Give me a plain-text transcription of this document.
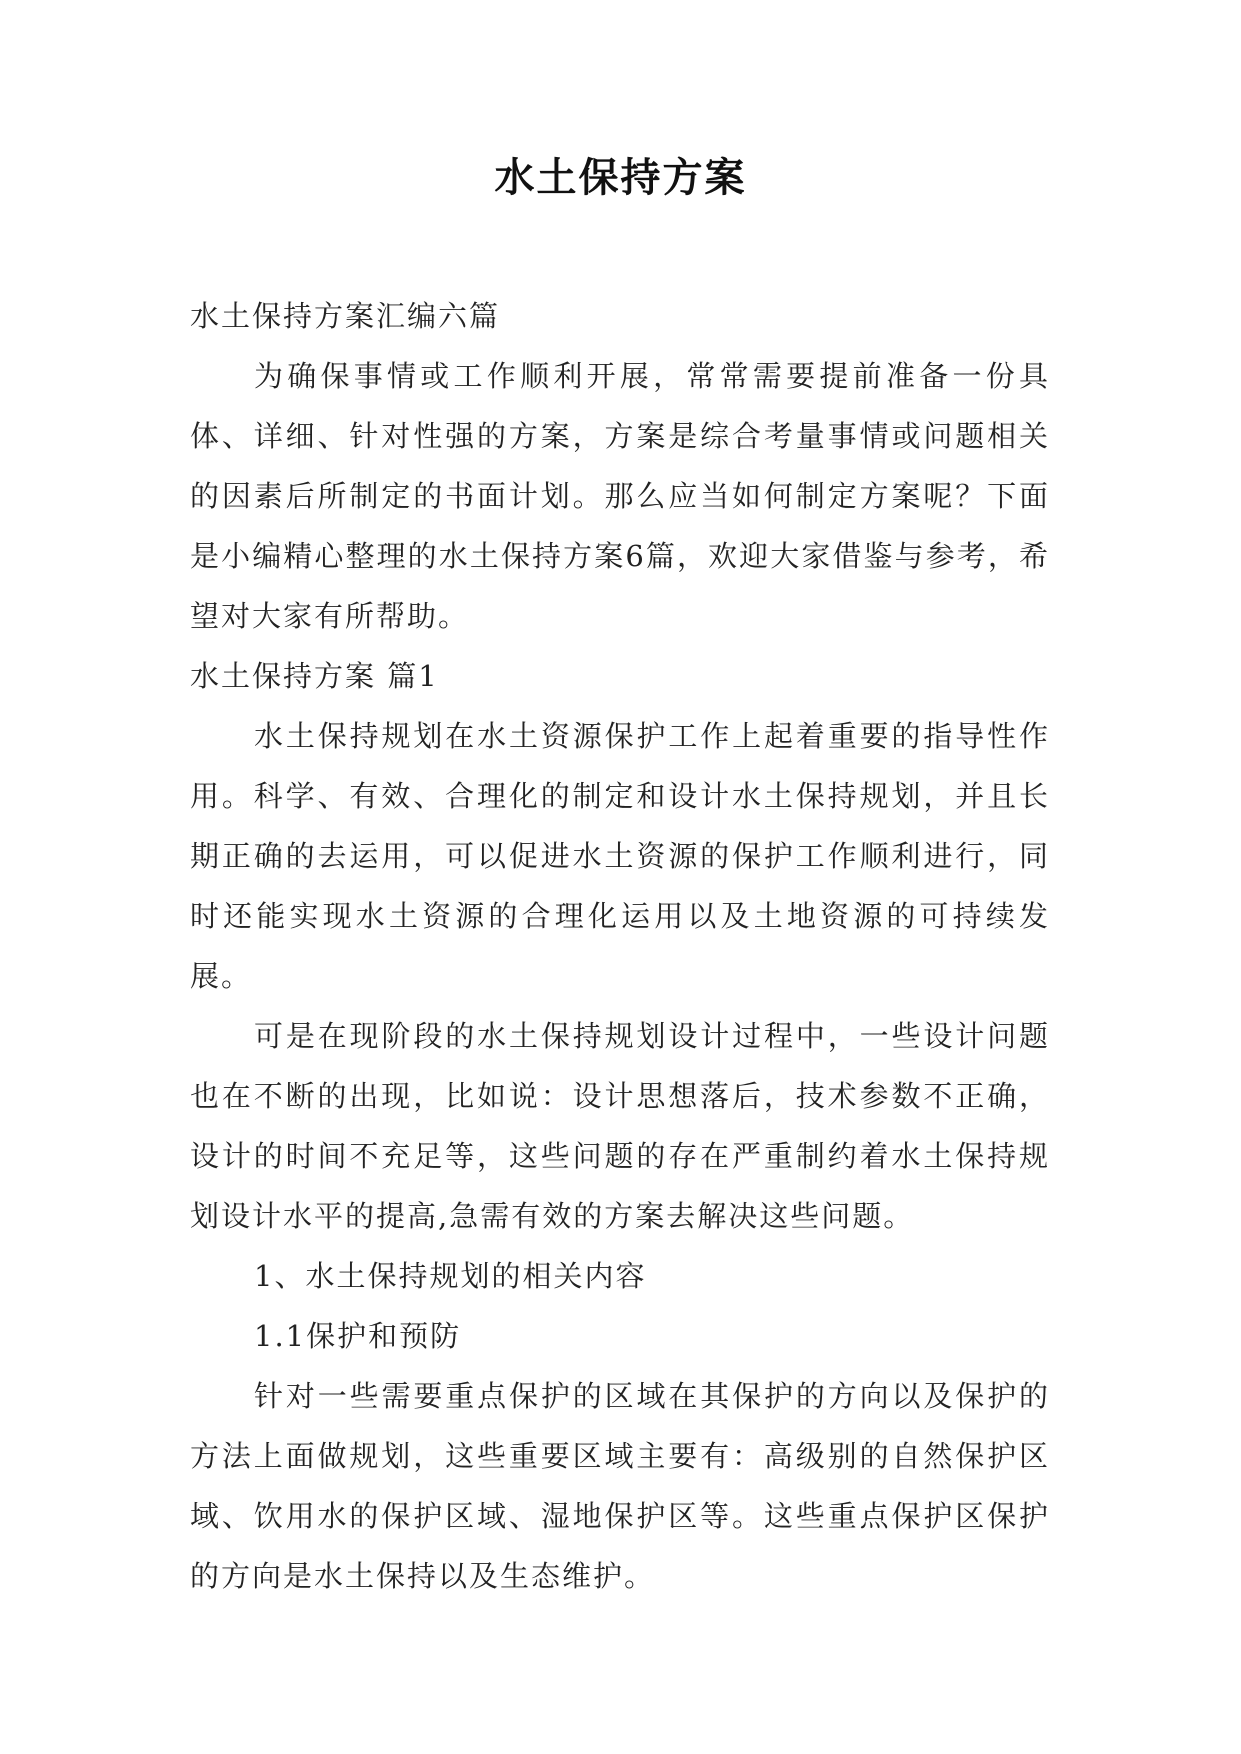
水土保持方案

水土保持方案汇编六篇

为确保事情或工作顺利开展，常常需要提前准备一份具体、详细、针对性强的方案，方案是综合考量事情或问题相关的因素后所制定的书面计划。那么应当如何制定方案呢？下面是小编精心整理的水土保持方案6篇，欢迎大家借鉴与参考，希望对大家有所帮助。

水土保持方案 篇1

水土保持规划在水土资源保护工作上起着重要的指导性作用。科学、有效、合理化的制定和设计水土保持规划，并且长期正确的去运用，可以促进水土资源的保护工作顺利进行，同时还能实现水土资源的合理化运用以及土地资源的可持续发展。

可是在现阶段的水土保持规划设计过程中，一些设计问题也在不断的出现，比如说：设计思想落后，技术参数不正确，设计的时间不充足等，这些问题的存在严重制约着水土保持规划设计水平的提高,急需有效的方案去解决这些问题。

1、水土保持规划的相关内容

1.1保护和预防

针对一些需要重点保护的区域在其保护的方向以及保护的方法上面做规划，这些重要区域主要有：高级别的自然保护区域、饮用水的保护区域、湿地保护区等。这些重点保护区保护的方向是水土保持以及生态维护。
